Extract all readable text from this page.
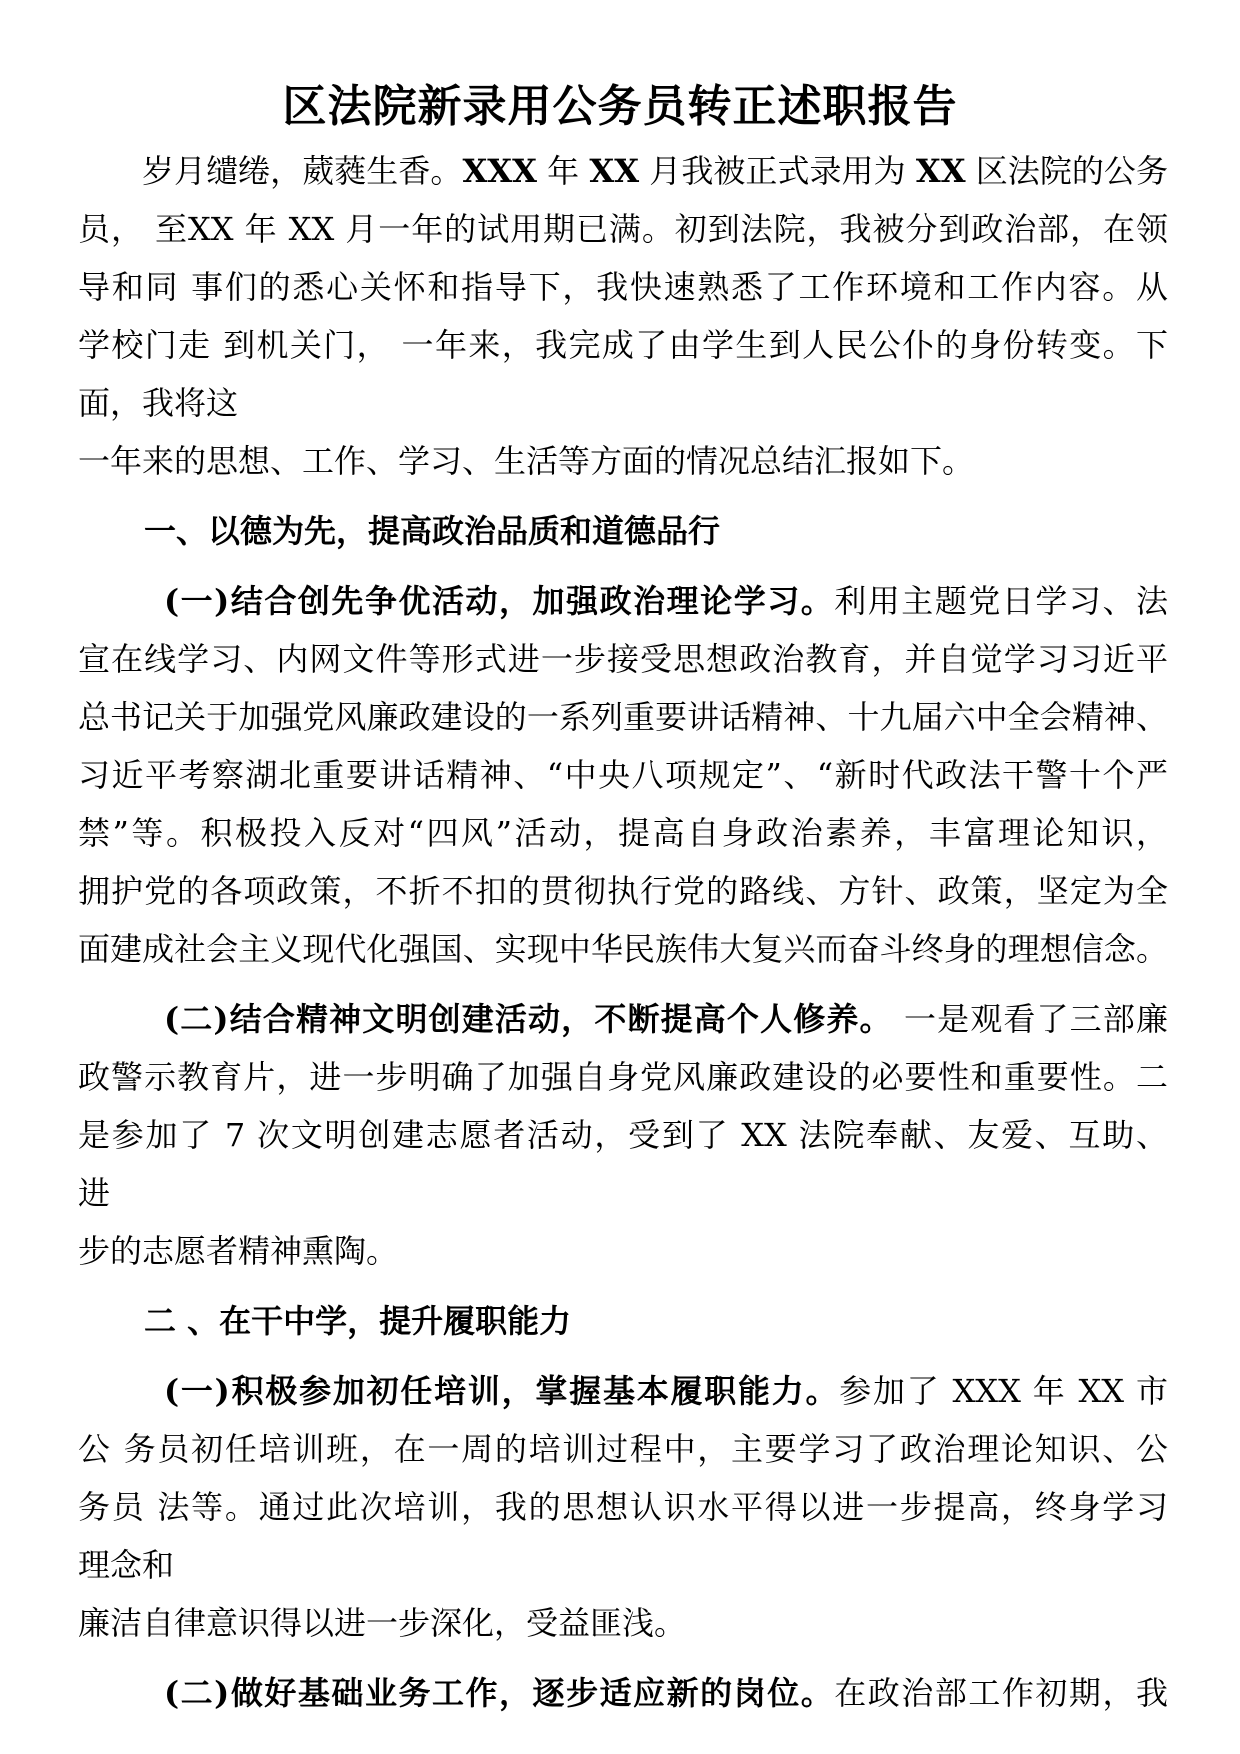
区法院新录用公务员转正述职报告
岁月缱绻，葳蕤生香。XXX 年 XX 月我被正式录用为 XX 区法院的公务
员， 至XX 年 XX 月一年的试用期已满。初到法院，我被分到政治部，在领
导和同 事们的悉心关怀和指导下，我快速熟悉了工作环境和工作内容。从
学校门走 到机关门， 一年来，我完成了由学生到人民公仆的身份转变。下
面，我将这
一年来的思想、工作、学习、生活等方面的情况总结汇报如下。
一、以德为先，提高政治品质和道德品行
(一)结合创先争优活动，加强政治理论学习。利用主题党日学习、法
宣在线学习、内网文件等形式进一步接受思想政治教育，并自觉学习习近平
总书记关于加强党风廉政建设的一系列重要讲话精神、十九届六中全会精神、
习近平考察湖北重要讲话精神、“中央八项规定”、“新时代政法干警十个严
禁”等。积极投入反对“四风”活动，提高自身政治素养，丰富理论知识，
拥护党的各项政策，不折不扣的贯彻执行党的路线、方针、政策，坚定为全
面建成社会主义现代化强国、实现中华民族伟大复兴而奋斗终身的理想信念。
(二)结合精神文明创建活动，不断提高个人修养。 一是观看了三部廉
政警示教育片，进一步明确了加强自身党风廉政建设的必要性和重要性。二
是参加了 7 次文明创建志愿者活动，受到了 XX 法院奉献、友爱、互助、
进
步的志愿者精神熏陶。
二 、在干中学，提升履职能力
(一)积极参加初任培训，掌握基本履职能力。参加了 XXX 年 XX 市
公 务员初任培训班，在一周的培训过程中，主要学习了政治理论知识、公
务员 法等。通过此次培训，我的思想认识水平得以进一步提高，终身学习
理念和
廉洁自律意识得以进一步深化，受益匪浅。
(二)做好基础业务工作，逐步适应新的岗位。在政治部工作初期，我
